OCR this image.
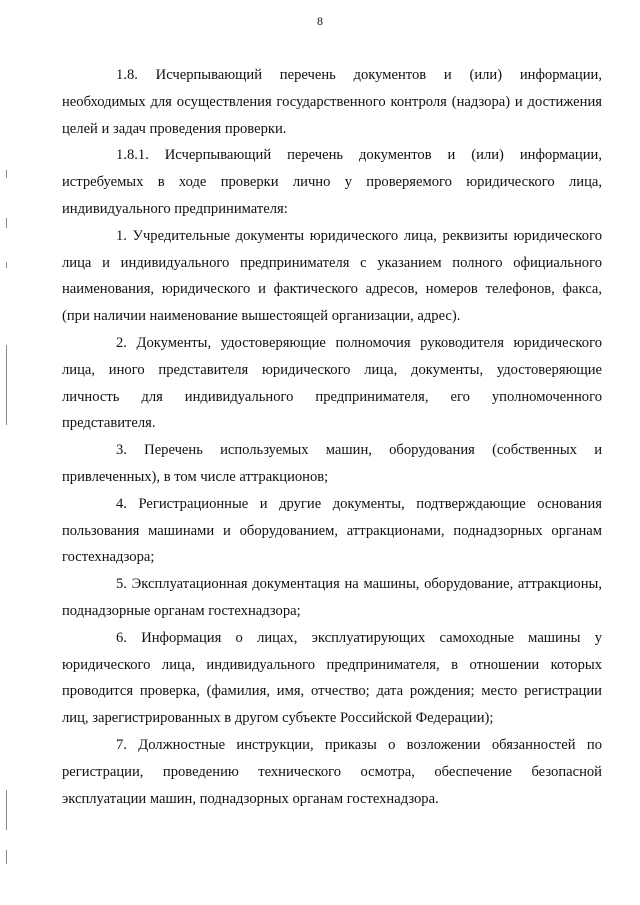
8

1.8. Исчерпывающий перечень документов и (или) информации, необходимых для осуществления государственного контроля (надзора) и достижения целей и задач проведения проверки.

1.8.1. Исчерпывающий перечень документов и (или) информации, истребуемых в ходе проверки лично у проверяемого юридического лица, индивидуального предпринимателя:

1. Учредительные документы юридического лица, реквизиты юридического лица и индивидуального предпринимателя с указанием полного официального наименования, юридического и фактического адресов, номеров телефонов, факса, (при наличии наименование вышестоящей организации, адрес).

2. Документы, удостоверяющие полномочия руководителя юридического лица, иного представителя юридического лица, документы, удостоверяющие личность для индивидуального предпринимателя, его уполномоченного представителя.

3. Перечень используемых машин, оборудования (собственных и привлеченных), в том числе аттракционов;

4. Регистрационные и другие документы, подтверждающие основания пользования машинами и оборудованием, аттракционами, поднадзорных органам гостехнадзора;

5. Эксплуатационная документация на машины, оборудование, аттракционы, поднадзорные органам гостехнадзора;

6. Информация о лицах, эксплуатирующих самоходные машины у юридического лица, индивидуального предпринимателя, в отношении которых проводится проверка, (фамилия, имя, отчество; дата рождения; место регистрации лиц, зарегистрированных в другом субъекте Российской Федерации);

7. Должностные инструкции, приказы о возложении обязанностей по регистрации, проведению технического осмотра, обеспечение безопасной эксплуатации машин, поднадзорных органам гостехнадзора.
